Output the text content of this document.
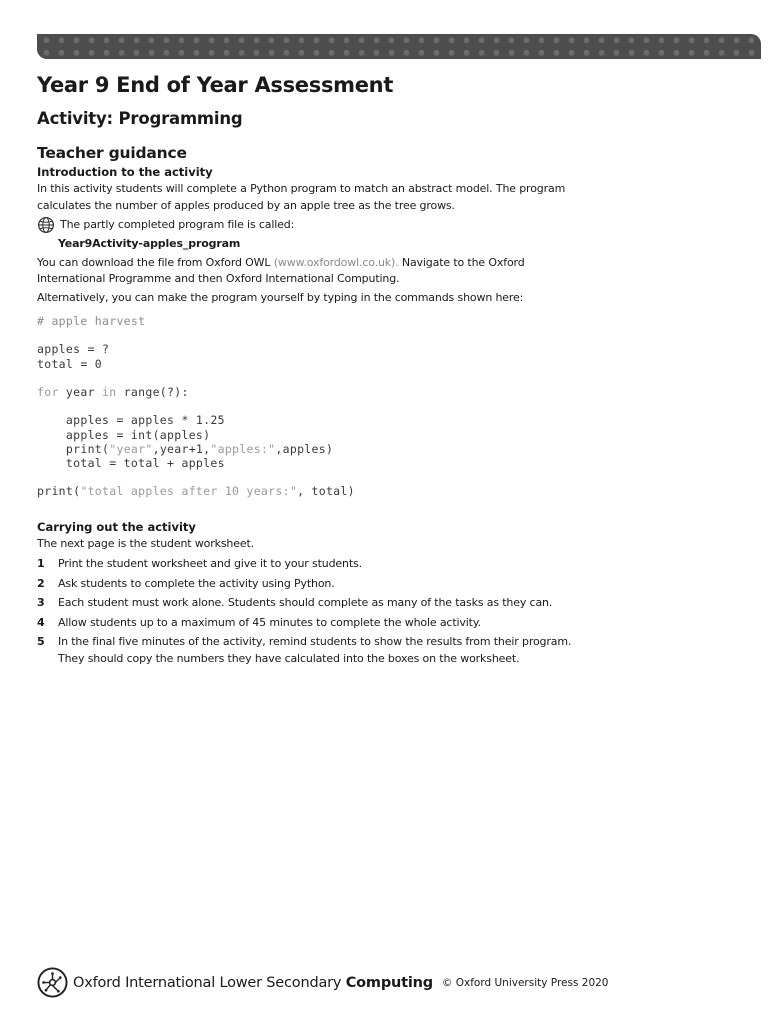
Year 9 End of Year Assessment
Activity: Programming
Teacher guidance
Introduction to the activity

In this activity students will complete a Python program to match an abstract model. The program calculates the number of apples produced by an apple tree as the tree grows.

The partly completed program file is called:

Year9Activity-apples_program

You can download the file from Oxford OWL (www.oxfordowl.co.uk). Navigate to the Oxford International Programme and then Oxford International Computing.

Alternatively, you can make the program yourself by typing in the commands shown here:

# apple harvest

apples = ?
total = 0

for year in range(?):

apples = apples * 1.25
apples = int(apples)
print("year",year+1,"apples:",apples)
total = total + apples

print("total apples after 10 years:", total)
Carrying out the activity

The next page is the student worksheet.

1	Print the student worksheet and give it to your students.
2	Ask students to complete the activity using Python.
3	Each student must work alone. Students should complete as many of the tasks as they can.
4	Allow students up to a maximum of 45 minutes to complete the whole activity.
5	In the final five minutes of the activity, remind students to show the results from their program. They should copy the numbers they have calculated into the boxes on the worksheet.
Oxford International Lower Secondary Computing © Oxford University Press 2020
